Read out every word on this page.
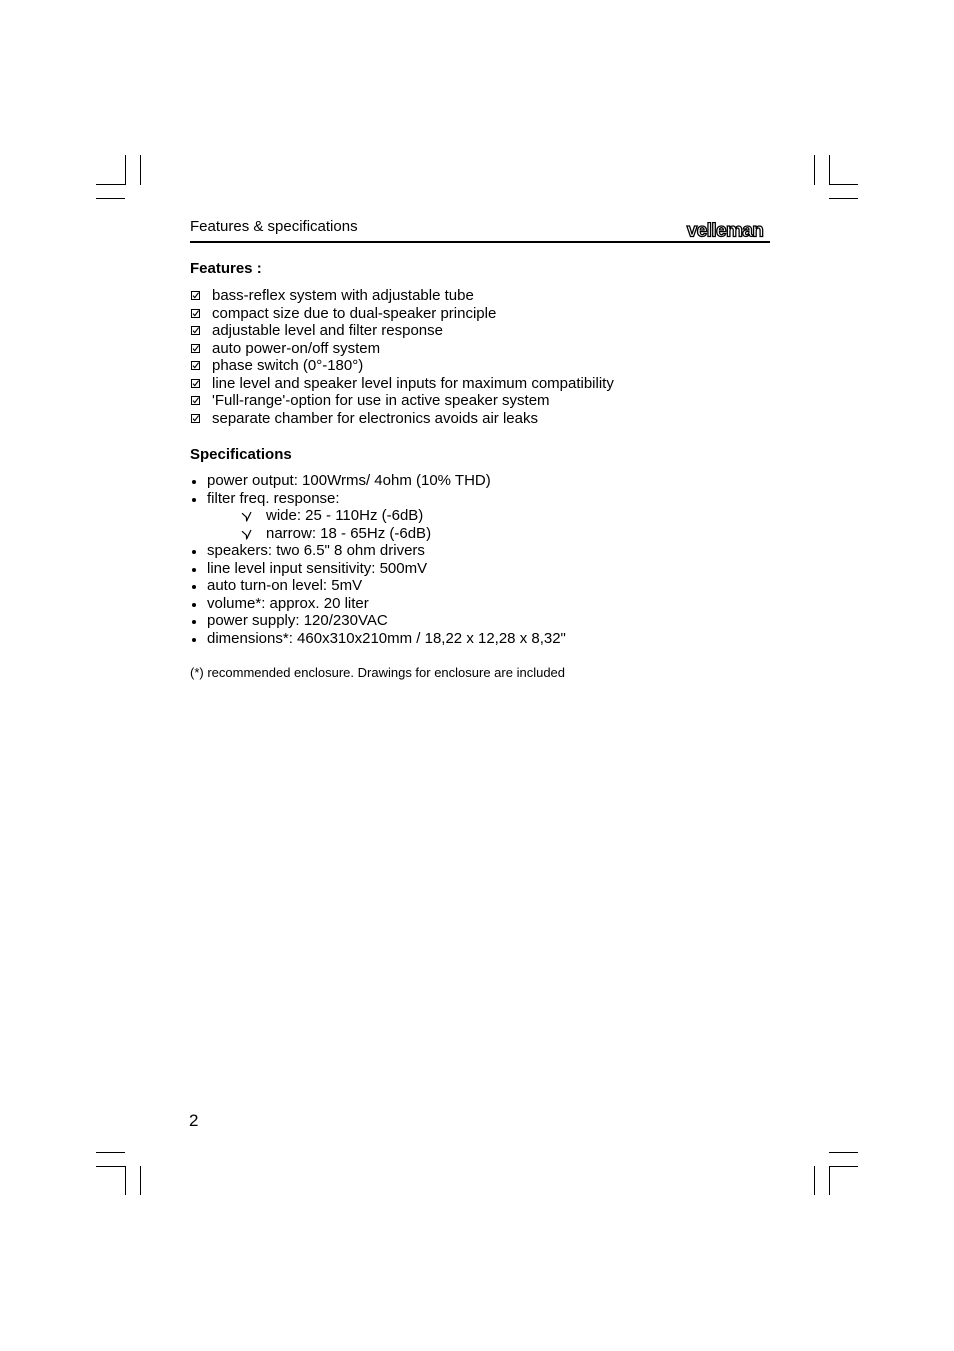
Features & specifications	velleman
Features :
bass-reflex system with adjustable tube
compact size due to dual-speaker principle
adjustable level and filter response
auto power-on/off system
phase switch (0°-180°)
line level and speaker level inputs for maximum compatibility
'Full-range'-option for use in active speaker system
separate chamber for electronics avoids air leaks
Specifications
power output: 100Wrms/ 4ohm (10% THD)
filter freq. response:
wide: 25 - 110Hz (-6dB)
narrow: 18 - 65Hz (-6dB)
speakers: two 6.5" 8 ohm drivers
line level input sensitivity: 500mV
auto turn-on level: 5mV
volume*: approx. 20 liter
power supply: 120/230VAC
dimensions*: 460x310x210mm / 18,22 x 12,28 x 8,32"
(*) recommended enclosure. Drawings for enclosure are included
2
